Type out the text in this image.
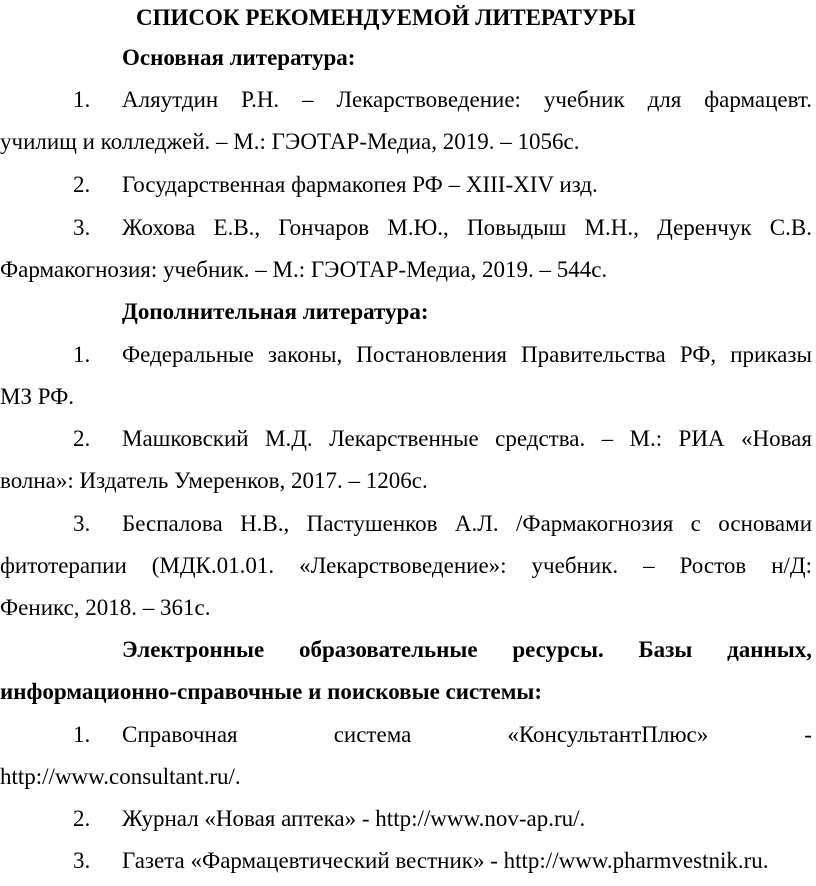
СПИСОК РЕКОМЕНДУЕМОЙ ЛИТЕРАТУРЫ
Основная литература:
1. Аляутдин Р.Н. – Лекарствоведение: учебник для фармацевт.
училищ и колледжей. – М.: ГЭОТАР-Медиа, 2019. – 1056с.
2. Государственная фармакопея РФ – XIII-XIV изд.
3. Жохова Е.В., Гончаров М.Ю., Повыдыш М.Н., Деренчук С.В.
Фармакогнозия: учебник. – М.: ГЭОТАР-Медиа, 2019. – 544с.
Дополнительная литература:
1. Федеральные законы, Постановления Правительства РФ, приказы
МЗ РФ.
2. Машковский М.Д. Лекарственные средства. – М.: РИА «Новая
волна»: Издатель Умеренков, 2017. – 1206с.
3. Беспалова Н.В., Пастушенков А.Л. /Фармакогнозия с основами
фитотерапии (МДК.01.01. «Лекарствоведение»: учебник. – Ростов н/Д:
Феникс, 2018. – 361с.
Электронные образовательные ресурсы. Базы данных,
информационно-справочные и поисковые системы:
1. Справочная	система	«КонсультантПлюс»	-
http://www.consultant.ru/.
2. Журнал «Новая аптека» - http://www.nov-ap.ru/.
3. Газета «Фармацевтический вестник» - http://www.pharmvestnik.ru.
